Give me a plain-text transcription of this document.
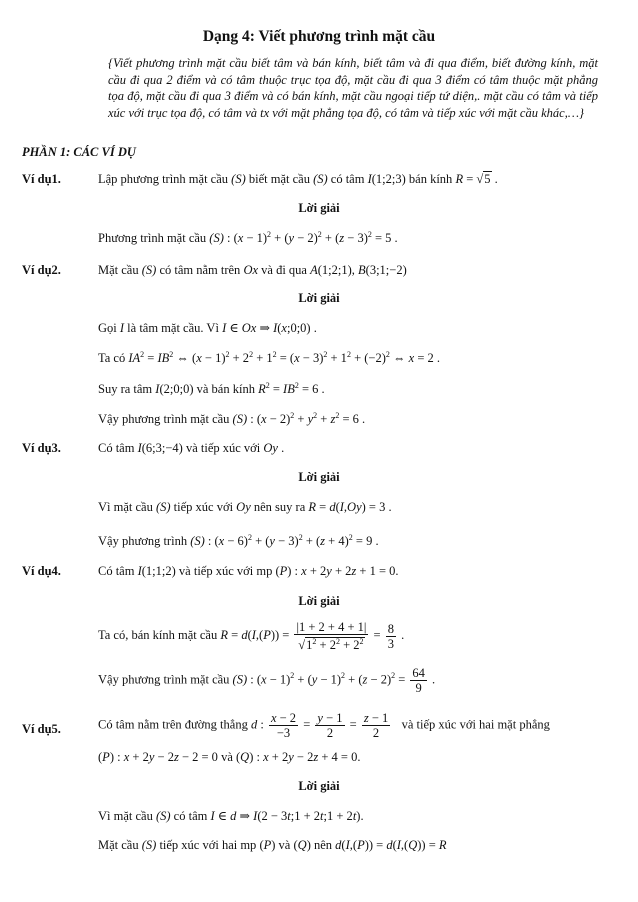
Dạng 4: Viết phương trình mặt cầu
{Viết phương trình mặt cầu biết tâm và bán kính, biết tâm và đi qua điểm, biết đường kính, mặt cầu đi qua 2 điểm và có tâm thuộc trục tọa độ, mặt cầu đi qua 3 điểm có tâm thuộc mặt phẳng tọa độ, mặt cầu đi qua 3 điểm và có bán kính, mặt cầu ngoại tiếp tứ diện,. mặt cầu có tâm và tiếp xúc với trục tọa độ, có tâm và tx với mặt phẳng tọa độ, có tâm và tiếp xúc với mặt cầu khác,…}
PHẦN 1: CÁC VÍ DỤ
Ví dụ1.	Lập phương trình mặt cầu (S) biết mặt cầu (S) có tâm I(1;2;3) bán kính R = √5 .
Lời giải
Phương trình mặt cầu (S) : $(x - 1)^2 + (y - 2)^2 + (z - 3)^2 = 5$ .
Ví dụ2.	Mặt cầu (S) có tâm nằm trên Ox và đi qua A(1;2;1), B(3;1;−2)
Lời giải
Gọi I là tâm mặt cầu. Vì I ∈ Ox ⇒ I(x;0;0) .
Ta có $IA^2 = IB^2$ ⇔ $(x - 1)^2 + 2^2 + 1^2 = (x - 3)^2 + 1^2 + (-2)^2$ ⇔ x = 2 .
Suy ra tâm I(2;0;0) và bán kính $R^2 = IB^2 = 6$ .
Vậy phương trình mặt cầu (S) : $(x - 2)^2 + y^2 + z^2 = 6$ .
Ví dụ3.	Có tâm I(6;3;−4) và tiếp xúc với Oy .
Lời giải
Vì mặt cầu (S) tiếp xúc với Oy nên suy ra R = d(I,Oy) = 3 .
Vậy phương trình (S) : $(x - 6)^2 + (y - 3)^2 + (z + 4)^2 = 9$ .
Ví dụ4.	Có tâm I(1;1;2) và tiếp xúc với mp (P) : x + 2y + 2z + 1 = 0.
Lời giải
Ta có, bán kính mặt cầu $R = d(I,(P)) = \frac{|1 + 2 + 4 + 1|}{√1^2 + 2^2 + 2^2} = \frac{8}{3}$ .
Vậy phương trình mặt cầu (S) : $(x - 1)^2 + (y - 1)^2 + (z - 2)^2 = \frac{64}{9}$ .
Ví dụ5.	Có tâm nằm trên đường thẳng d : $\frac{x - 2}{-3} = \frac{y - 1}{2} = \frac{z - 1}{2}$ và tiếp xúc với hai mặt phẳng
(P) : x + 2y − 2z − 2 = 0 và (Q) : x + 2y − 2z + 4 = 0.
Lời giải
Vì mặt cầu (S) có tâm I ∈ d ⇒ I(2 − 3t;1 + 2t;1 + 2t).
Mặt cầu (S) tiếp xúc với hai mp (P) và (Q) nên d(I,(P)) = d(I,(Q)) = R
